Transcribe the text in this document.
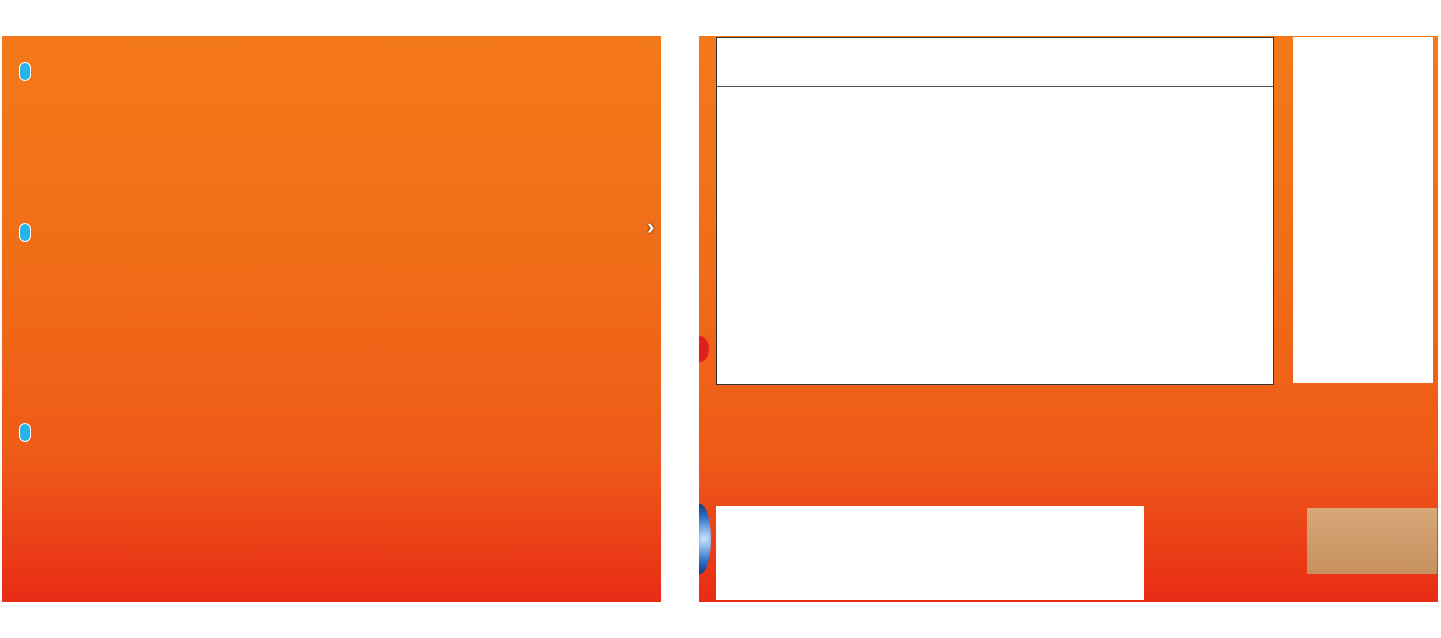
›
